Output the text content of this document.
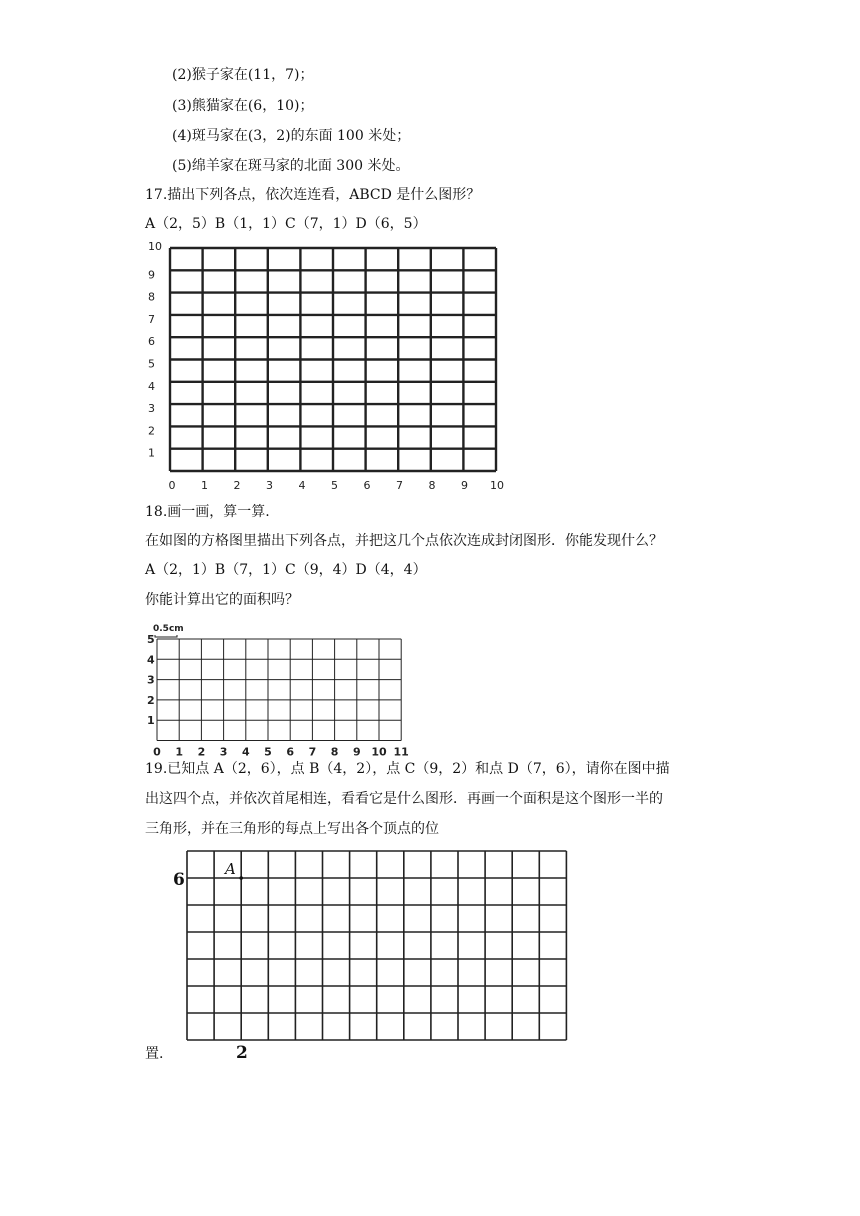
(2)猴子家在(11，7)；
(3)熊猫家在(6，10)；
(4)斑马家在(3，2)的东面 100 米处；
(5)绵羊家在斑马家的北面 300 米处。
17.描出下列各点，依次连连看，ABCD 是什么图形？
A（2，5）B（1，1）C（7，1）D（6，5）
0 1 2 3 4 5 6 7 8 9 10
1
2
3
4
5
6
7
8
9
10
18.画一画，算一算.
在如图的方格图里描出下列各点，并把这几个点依次连成封闭图形．你能发现什么？
A（2，1）B（7，1）C（9，4）D（4，4）
你能计算出它的面积吗？
0.5cm
0 1 2 3 4 5 6 7 8 9 10 11
1
2
3
4
5
19.已知点 A（2，6），点 B（4，2），点 C（9，2）和点 D（7，6），请你在图中描
出这四个点，并依次首尾相连，看看它是什么图形．再画一个面积是这个图形一半的
三角形，并在三角形的每点上写出各个顶点的位
6
A
2
置.
